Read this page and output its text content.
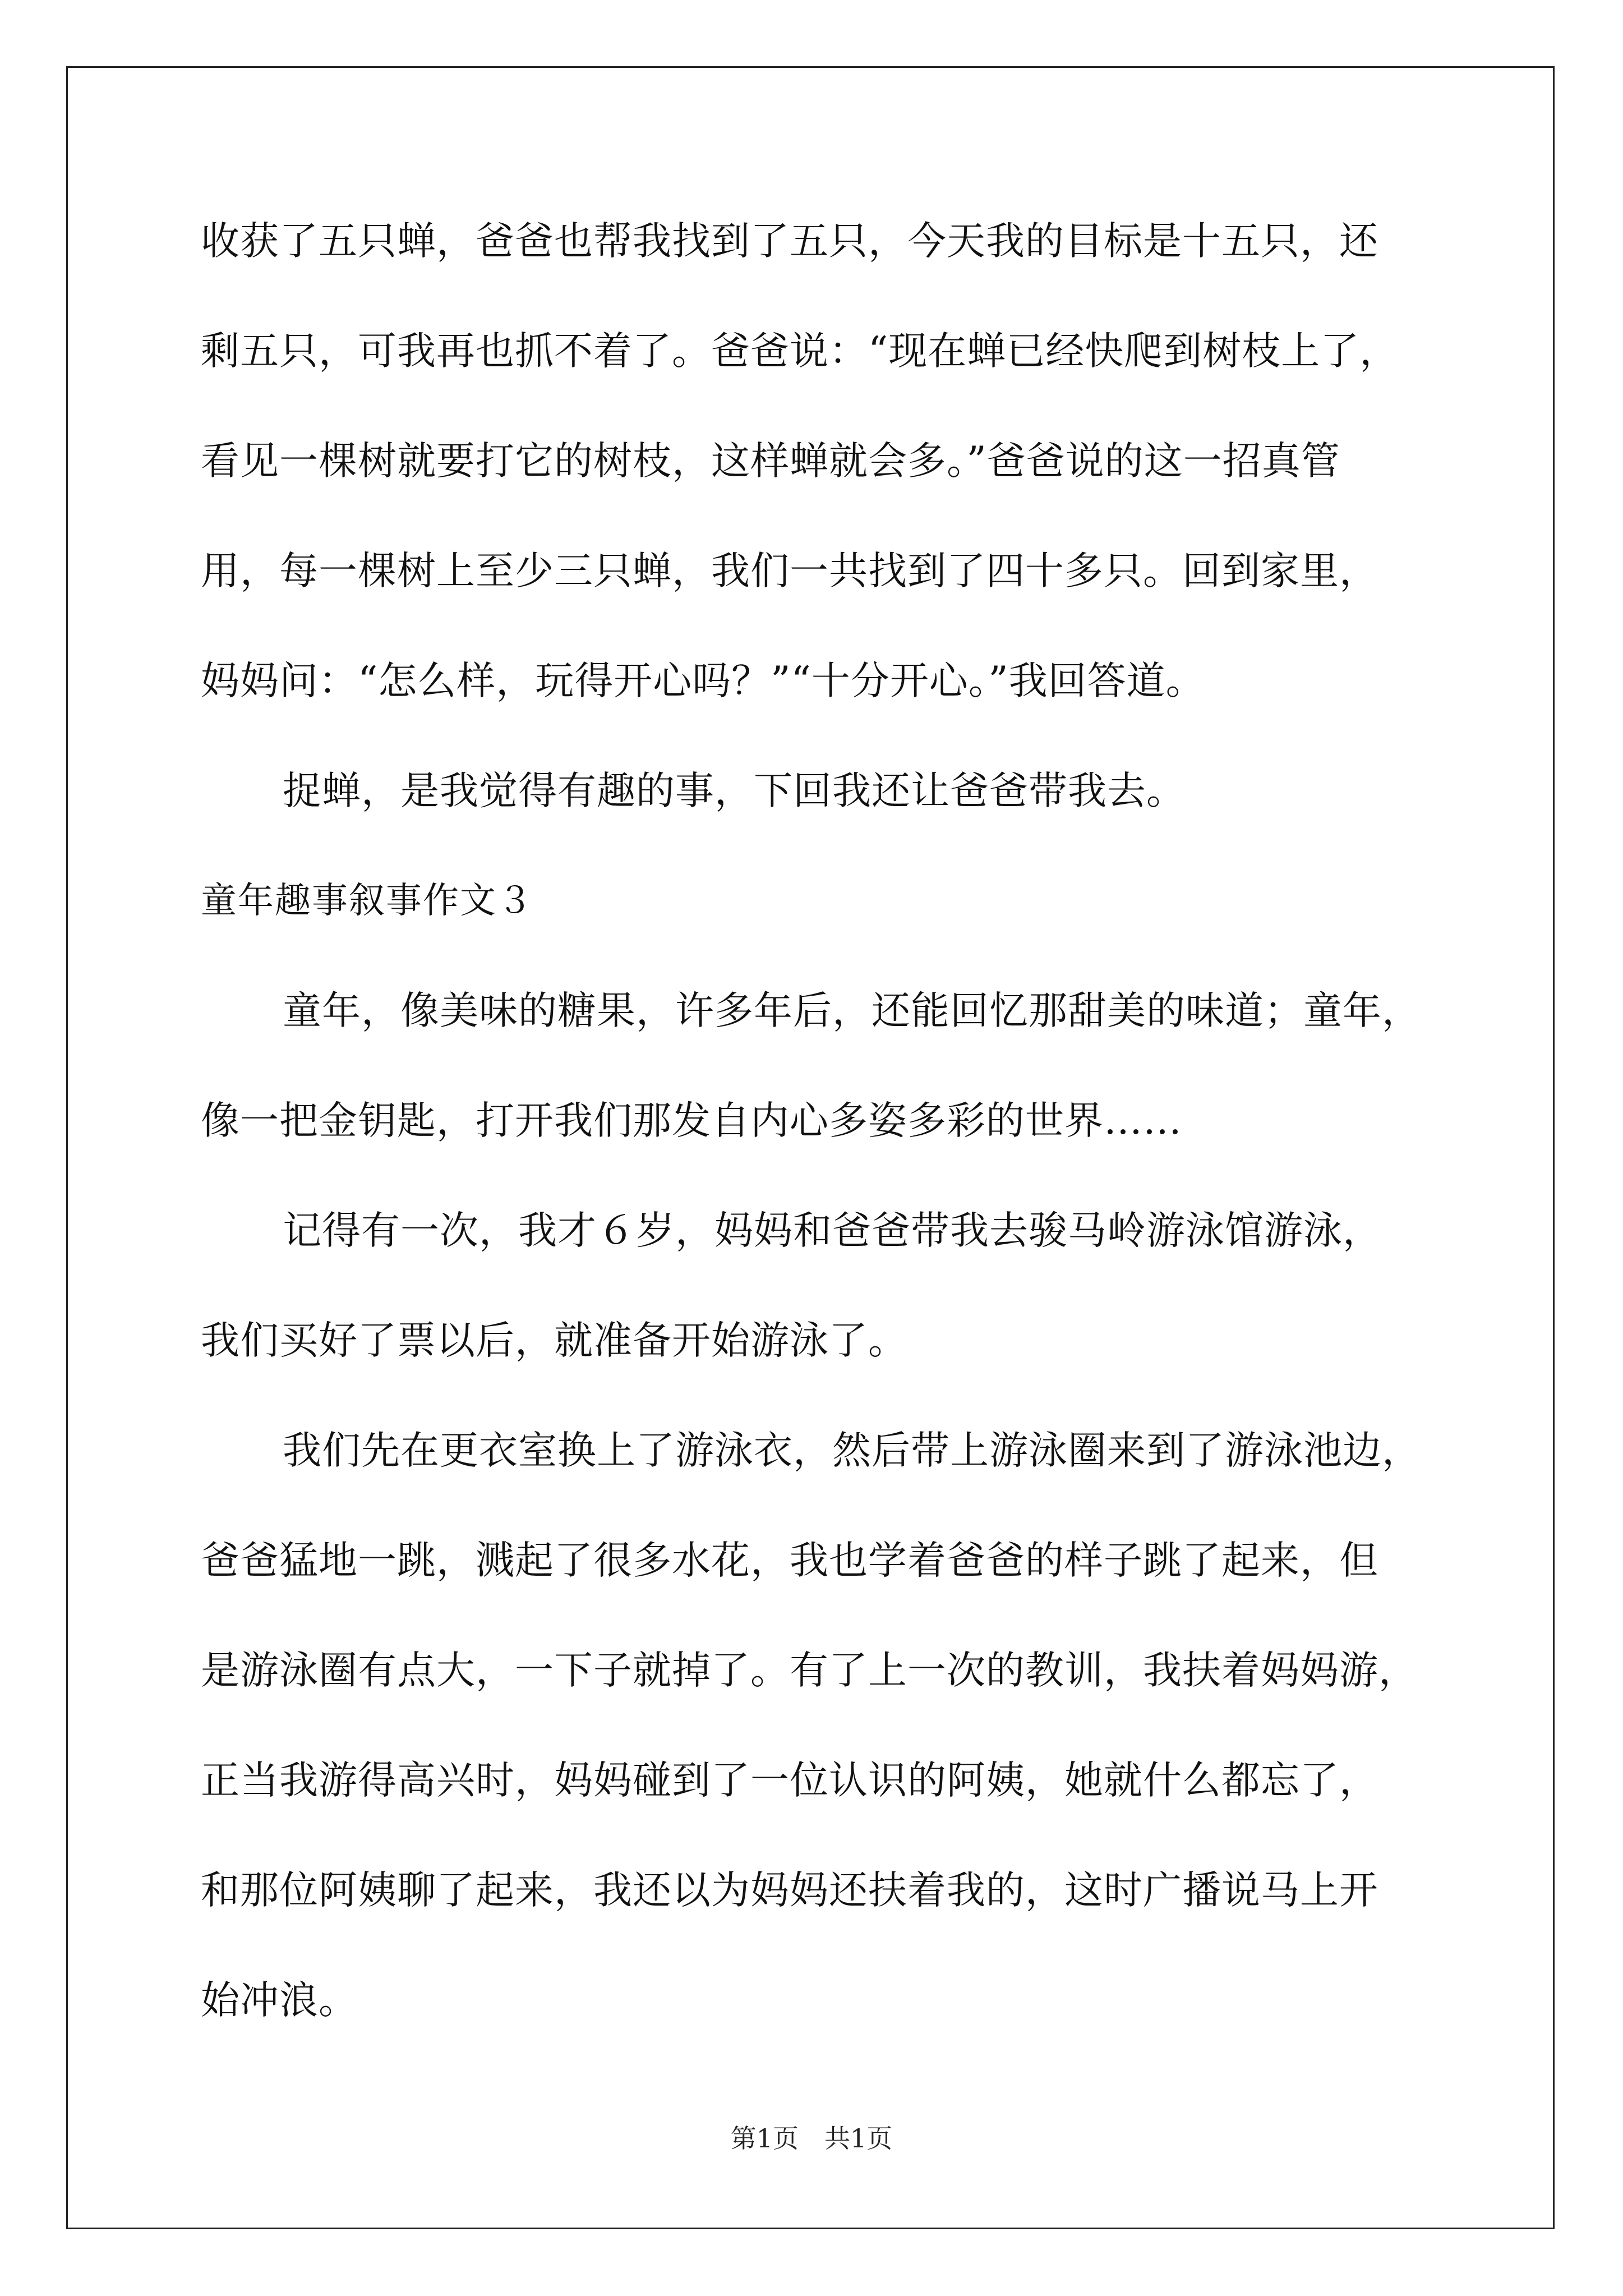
收获了五只蝉，爸爸也帮我找到了五只，今天我的目标是十五只，还
剩五只，可我再也抓不着了。爸爸说：“现在蝉已经快爬到树枝上了，
看见一棵树就要打它的树枝，这样蝉就会多。”爸爸说的这一招真管
用，每一棵树上至少三只蝉，我们一共找到了四十多只。回到家里，
妈妈问：“怎么样，玩得开心吗？”“十分开心。”我回答道。
捉蝉，是我觉得有趣的事，下回我还让爸爸带我去。
童年趣事叙事作文３
童年，像美味的糖果，许多年后，还能回忆那甜美的味道；童年，
像一把金钥匙，打开我们那发自内心多姿多彩的世界……
记得有一次，我才６岁，妈妈和爸爸带我去骏马岭游泳馆游泳，
我们买好了票以后，就准备开始游泳了。
我们先在更衣室换上了游泳衣，然后带上游泳圈来到了游泳池边，
爸爸猛地一跳，溅起了很多水花，我也学着爸爸的样子跳了起来，但
是游泳圈有点大，一下子就掉了。有了上一次的教训，我扶着妈妈游，
正当我游得高兴时，妈妈碰到了一位认识的阿姨，她就什么都忘了，
和那位阿姨聊了起来，我还以为妈妈还扶着我的，这时广播说马上开
始冲浪。
第1页　共1页
